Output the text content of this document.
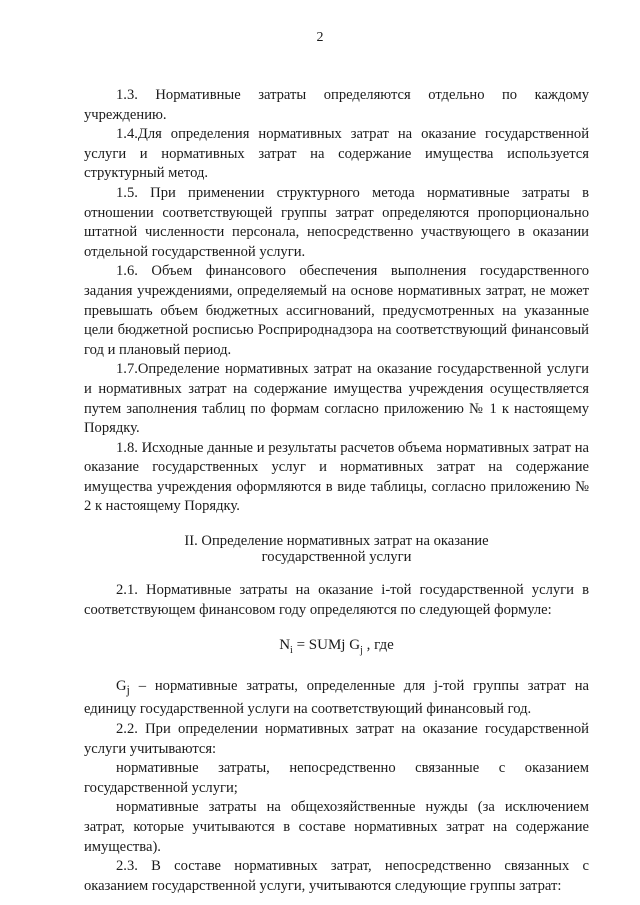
2

1.3. Нормативные затраты определяются отдельно по каждому учреждению.

1.4.Для определения нормативных затрат на оказание государственной услуги и нормативных затрат на содержание имущества используется структурный метод.

1.5. При применении структурного метода нормативные затраты в отношении соответствующей группы затрат определяются пропорционально штатной численности персонала, непосредственно участвующего в оказании отдельной государственной услуги.

1.6. Объем финансового обеспечения выполнения государственного задания учреждениями, определяемый на основе нормативных затрат, не может превышать объем бюджетных ассигнований, предусмотренных на указанные цели бюджетной росписью Росприроднадзора на соответствующий финансовый год и плановый период.

1.7.Определение нормативных затрат на оказание государственной услуги и нормативных затрат на содержание имущества учреждения осуществляется путем заполнения таблиц по формам согласно приложению № 1 к настоящему Порядку.

1.8. Исходные данные и результаты расчетов объема нормативных затрат на оказание государственных услуг и нормативных затрат на содержание имущества учреждения оформляются в виде таблицы, согласно приложению № 2 к настоящему Порядку.

II. Определение нормативных затрат на оказание
государственной услуги

2.1. Нормативные затраты на оказание i-той государственной услуги в соответствующем финансовом году определяются по следующей формуле:

$N_i$ = SUMj $G_j$ , где

$G_j$ – нормативные затраты, определенные для j-той группы затрат на единицу государственной услуги на соответствующий финансовый год.

2.2. При определении нормативных затрат на оказание государственной услуги учитываются:

нормативные затраты, непосредственно связанные с оказанием государственной услуги;

нормативные затраты на общехозяйственные нужды (за исключением затрат, которые учитываются в составе нормативных затрат на содержание имущества).

2.3. В составе нормативных затрат, непосредственно связанных с оказанием государственной услуги, учитываются следующие группы затрат:
